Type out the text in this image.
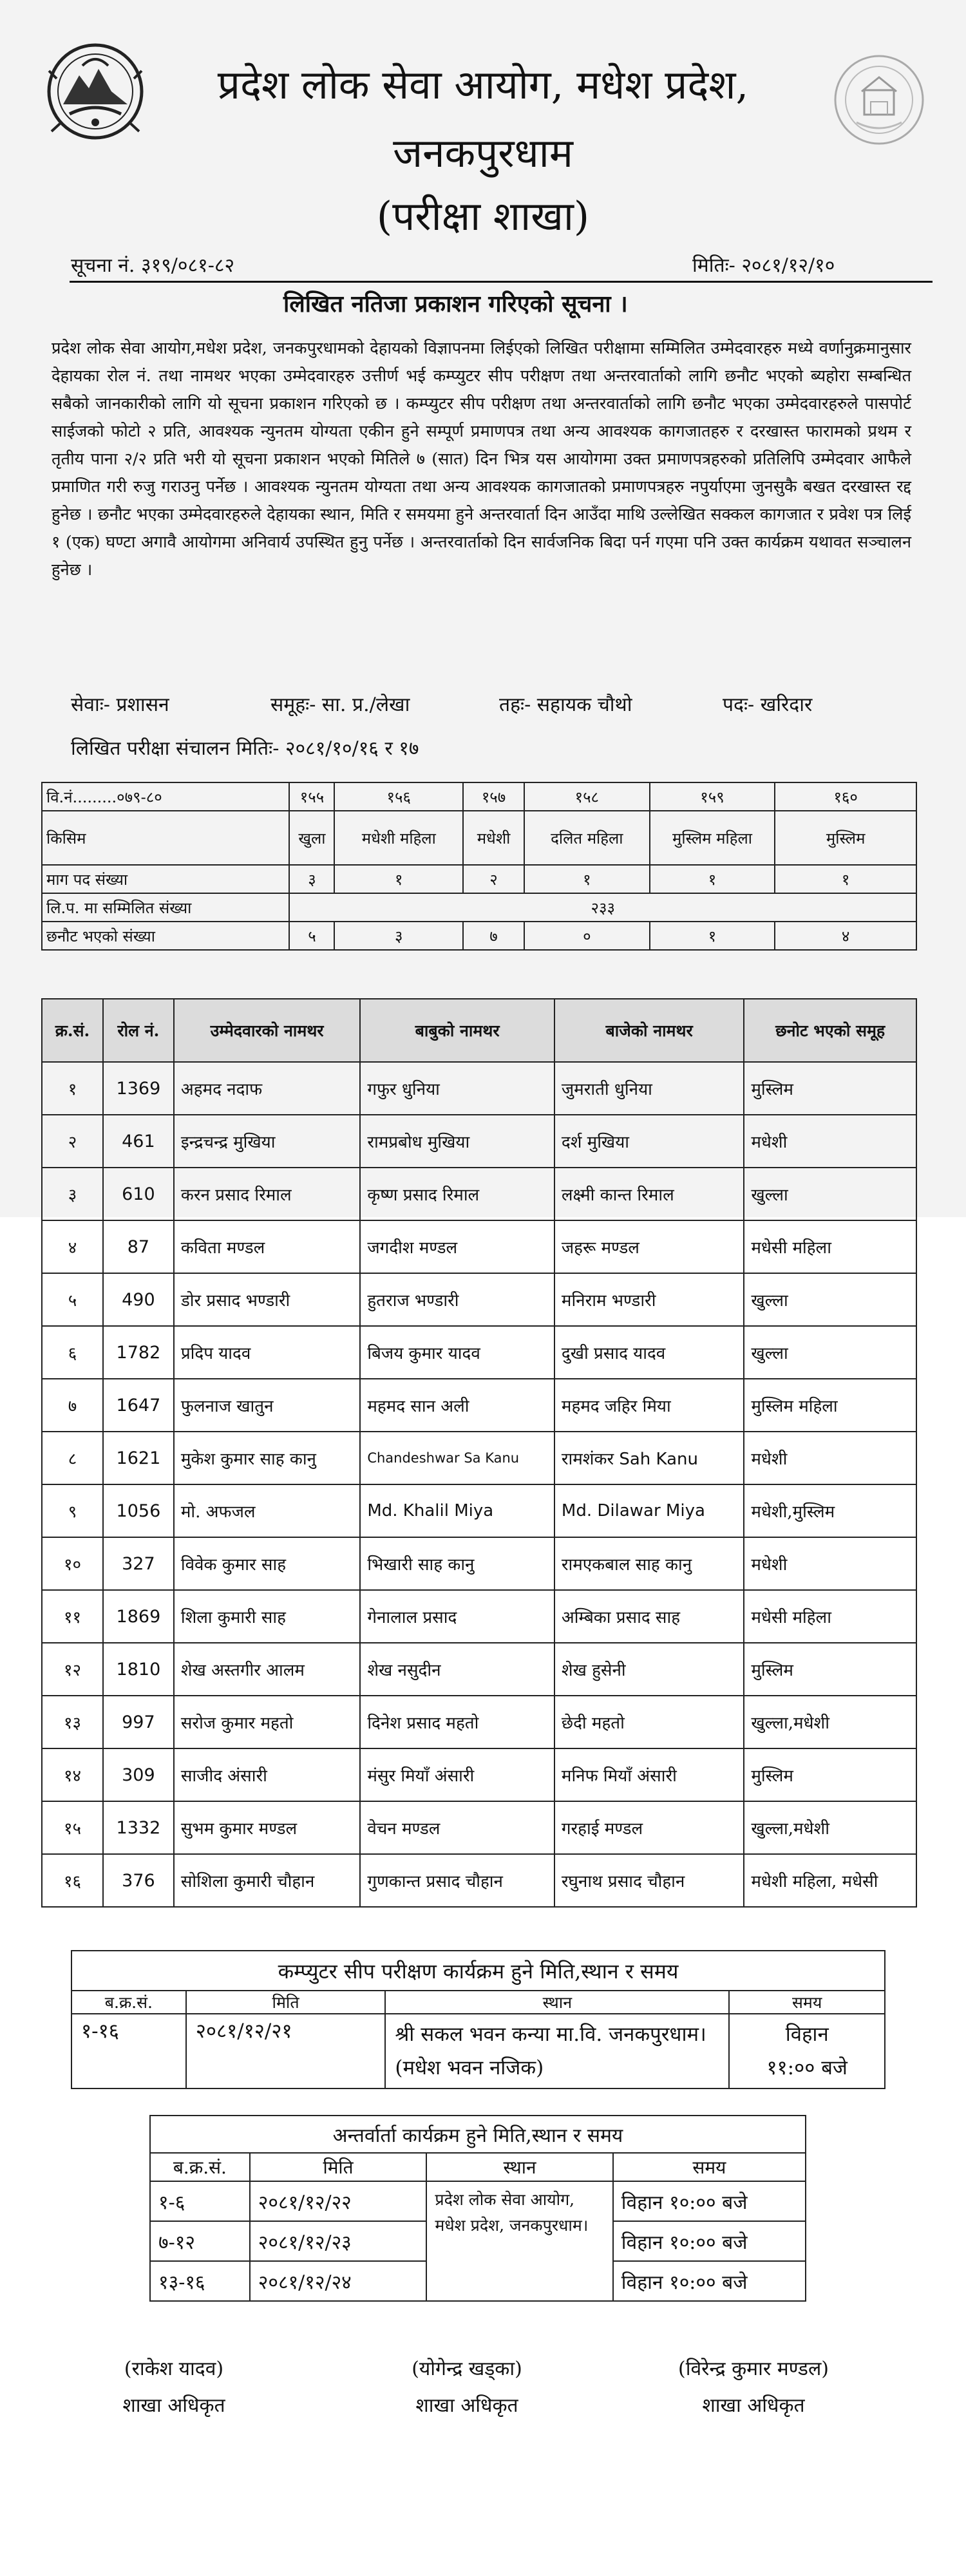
प्रदेश लोक सेवा आयोग, मधेश प्रदेश,
जनकपुरधाम
(परीक्षा शाखा)
सूचना नं. ३१९/०८१-८२	मितिः- २०८१/१२/१०
लिखित नतिजा प्रकाशन गरिएको सूचना ।
प्रदेश लोक सेवा आयोग,मधेश प्रदेश, जनकपुरधामको देहायको विज्ञापनमा लिईएको लिखित परीक्षामा सम्मिलित उम्मेदवारहरु मध्ये वर्णानुक्रमानुसार देहायका रोल नं. तथा नामथर भएका उम्मेदवारहरु उत्तीर्ण भई कम्प्युटर सीप परीक्षण तथा अन्तरवार्ताको लागि छनौट भएको ब्यहोरा सम्बन्धित सबैको जानकारीको लागि यो सूचना प्रकाशन गरिएको छ । कम्प्युटर सीप परीक्षण तथा अन्तरवार्ताको लागि छनौट भएका उम्मेदवारहरुले पासपोर्ट साईजको फोटो २ प्रति, आवश्यक न्युनतम योग्यता एकीन हुने सम्पूर्ण प्रमाणपत्र तथा अन्य आवश्यक कागजातहरु र दरखास्त फारामको प्रथम र तृतीय पाना २/२ प्रति भरी यो सूचना प्रकाशन भएको मितिले ७ (सात) दिन भित्र यस आयोगमा उक्त प्रमाणपत्रहरुको प्रतिलिपि उम्मेदवार आफैले प्रमाणित गरी रुजु गराउनु पर्नेछ । आवश्यक न्युनतम योग्यता तथा अन्य आवश्यक कागजातको प्रमाणपत्रहरु नपुर्याएमा जुनसुकै बखत दरखास्त रद्द हुनेछ । छनौट भएका उम्मेदवारहरुले देहायका स्थान, मिति र समयमा हुने अन्तरवार्ता दिन आउँदा माथि उल्लेखित सक्कल कागजात र प्रवेश पत्र लिई १ (एक) घण्टा अगावै आयोगमा अनिवार्य उपस्थित हुनु पर्नेछ । अन्तरवार्ताको दिन सार्वजनिक बिदा पर्न गएमा पनि उक्त कार्यक्रम यथावत सञ्चालन हुनेछ ।
सेवाः- प्रशासन	समूहः- सा. प्र./लेखा	तहः- सहायक चौथो	पदः- खरिदार
लिखित परीक्षा संचालन मितिः- २०८१/१०/१६ र १७
वि.नं.........०७९-८०	१५५	१५६	१५७	१५८	१५९	१६०
किसिम	खुला	मधेशी महिला	मधेशी	दलित महिला	मुस्लिम महिला	मुस्लिम
माग पद संख्या	३	१	२	१	१	१
लि.प. मा सम्मिलित संख्या	२३३					
छनौट भएको संख्या	५	३	७	०	१	४
क्र.सं.	रोल नं.	उम्मेदवारको नामथर	बाबुको नामथर	बाजेको नामथर	छनोट भएको समूह
१	1369	अहमद नदाफ	गफुर धुनिया	जुमराती धुनिया	मुस्लिम
२	461	इन्द्रचन्द्र मुखिया	रामप्रबोध मुखिया	दर्श मुखिया	मधेशी
३	610	करन प्रसाद रिमाल	कृष्ण प्रसाद रिमाल	लक्ष्मी कान्त रिमाल	खुल्ला
४	87	कविता मण्डल	जगदीश मण्डल	जहरू मण्डल	मधेसी महिला
५	490	डोर प्रसाद भण्डारी	हुतराज भण्डारी	मनिराम भण्डारी	खुल्ला
६	1782	प्रदिप यादव	बिजय कुमार यादव	दुखी प्रसाद यादव	खुल्ला
७	1647	फुलनाज खातुन	महमद सान अली	महमद जहिर मिया	मुस्लिम महिला
८	1621	मुकेश कुमार साह कानु	Chandeshwar Sa Kanu	रामशंकर Sah Kanu	मधेशी
९	1056	मो. अफजल	Md. Khalil Miya	Md. Dilawar Miya	मधेशी,मुस्लिम
१०	327	विवेक कुमार साह	भिखारी साह कानु	रामएकबाल साह कानु	मधेशी
११	1869	शिला कुमारी साह	गेनालाल प्रसाद	अम्बिका प्रसाद साह	मधेसी महिला
१२	1810	शेख अस्तगीर आलम	शेख नसुदीन	शेख हुसेनी	मुस्लिम
१३	997	सरोज कुमार महतो	दिनेश प्रसाद महतो	छेदी महतो	खुल्ला,मधेशी
१४	309	साजीद अंसारी	मंसुर मियाँ अंसारी	मनिफ मियाँ अंसारी	मुस्लिम
१५	1332	सुभम कुमार मण्डल	वेचन मण्डल	गरहाई मण्डल	खुल्ला,मधेशी
१६	376	सोशिला कुमारी चौहान	गुणकान्त प्रसाद चौहान	रघुनाथ प्रसाद चौहान	मधेशी महिला, मधेसी
कम्प्युटर सीप परीक्षण कार्यक्रम हुने मिति,स्थान र समय			
ब.क्र.सं.	मिति	स्थान	समय
१-१६	२०८१/१२/२१	श्री सकल भवन कन्या मा.वि. जनकपुरधाम। (मधेश भवन नजिक)	विहान
११:०० बजे
अन्तर्वार्ता कार्यक्रम हुने मिति,स्थान र समय			
ब.क्र.सं.	मिति	स्थान	समय
१-६	२०८१/१२/२२	प्रदेश लोक सेवा आयोग, मधेश प्रदेश, जनकपुरधाम।	विहान १०:०० बजे
७-१२	२०८१/१२/२३		विहान १०:०० बजे
१३-१६	२०८१/१२/२४		विहान १०:०० बजे
(राकेश यादव)
शाखा अधिकृत
(योगेन्द्र खड्का)
शाखा अधिकृत
(विरेन्द्र कुमार मण्डल)
शाखा अधिकृत
